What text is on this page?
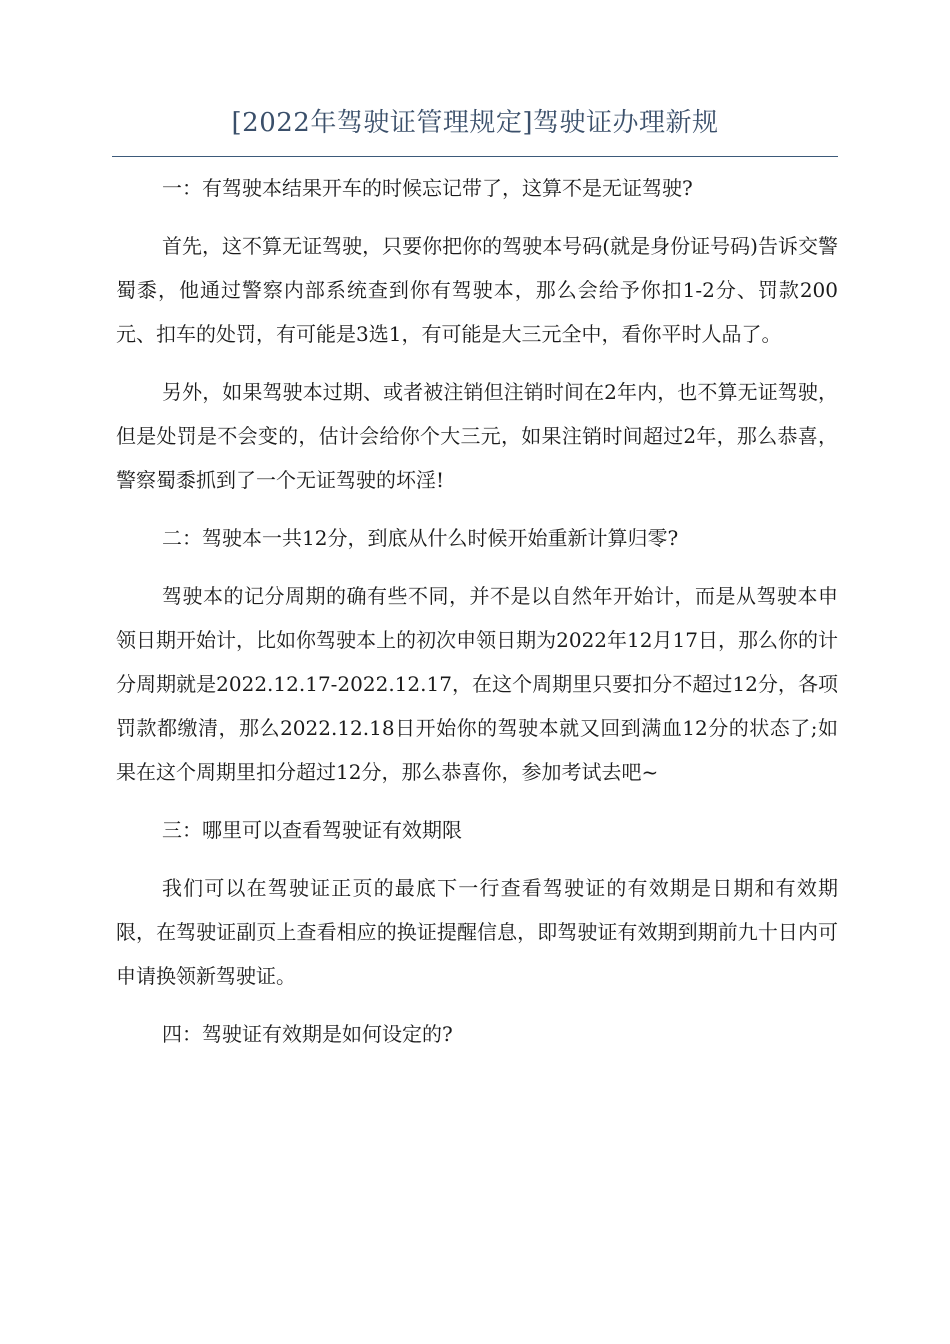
[2022年驾驶证管理规定]驾驶证办理新规

一：有驾驶本结果开车的时候忘记带了，这算不是无证驾驶?

首先，这不算无证驾驶，只要你把你的驾驶本号码(就是身份证号码)告诉交警蜀黍，他通过警察内部系统查到你有驾驶本，那么会给予你扣1-2分、罚款200元、扣车的处罚，有可能是3选1，有可能是大三元全中，看你平时人品了。

另外，如果驾驶本过期、或者被注销但注销时间在2年内，也不算无证驾驶，但是处罚是不会变的，估计会给你个大三元，如果注销时间超过2年，那么恭喜，警察蜀黍抓到了一个无证驾驶的坏淫!

二：驾驶本一共12分，到底从什么时候开始重新计算归零?

驾驶本的记分周期的确有些不同，并不是以自然年开始计，而是从驾驶本申领日期开始计，比如你驾驶本上的初次申领日期为2022年12月17日，那么你的计分周期就是2022.12.17-2022.12.17，在这个周期里只要扣分不超过12分，各项罚款都缴清，那么2022.12.18日开始你的驾驶本就又回到满血12分的状态了;如果在这个周期里扣分超过12分，那么恭喜你，参加考试去吧~

三：哪里可以查看驾驶证有效期限

我们可以在驾驶证正页的最底下一行查看驾驶证的有效期是日期和有效期限，在驾驶证副页上查看相应的换证提醒信息，即驾驶证有效期到期前九十日内可申请换领新驾驶证。

四：驾驶证有效期是如何设定的?
